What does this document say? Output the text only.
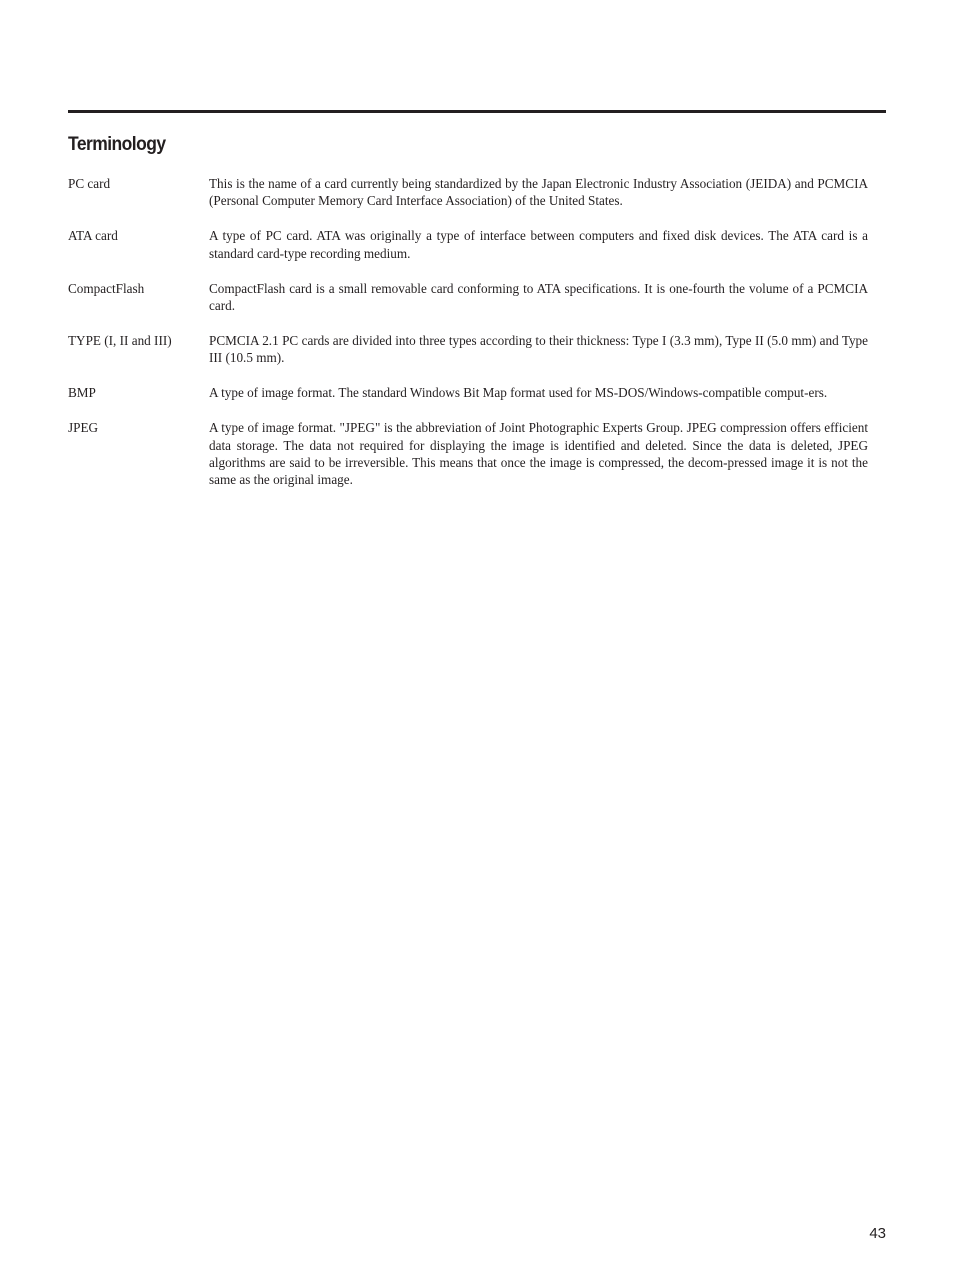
Terminology
PC card	This is the name of a card currently being standardized by the Japan Electronic Industry Association (JEIDA) and PCMCIA (Personal Computer Memory Card Interface Association) of the United States.
ATA card	A type of PC card. ATA was originally a type of interface between computers and fixed disk devices. The ATA card is a standard card-type recording medium.
CompactFlash	CompactFlash card is a small removable card conforming to ATA specifications. It is one-fourth the volume of a PCMCIA card.
TYPE (I, II and III)	PCMCIA 2.1 PC cards are divided into three types according to their thickness: Type I (3.3 mm), Type II (5.0 mm) and Type III (10.5 mm).
BMP	A type of image format. The standard Windows Bit Map format used for MS-DOS/Windows-compatible comput-ers.
JPEG	A type of image format. "JPEG" is the abbreviation of Joint Photographic Experts Group. JPEG compression offers efficient data storage. The data not required for displaying the image is identified and deleted. Since the data is deleted, JPEG algorithms are said to be irreversible. This means that once the image is compressed, the decom-pressed image it is not the same as the original image.
43
